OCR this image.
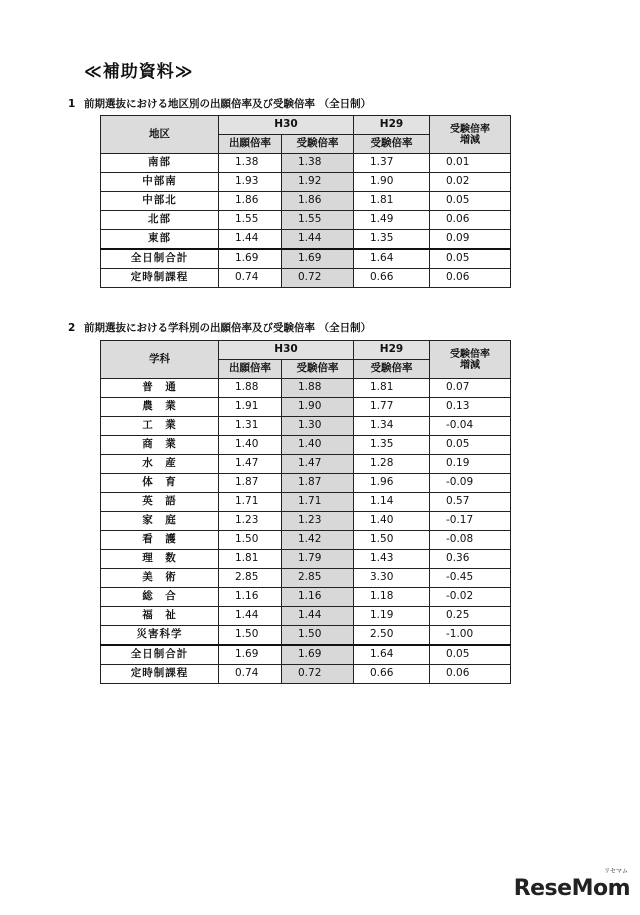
≪補助資料≫
1 前期選抜における地区別の出願倍率及び受験倍率 （全日制）
地区	H30		H29	受験倍率
増減
	出願倍率	受験倍率	受験倍率	
南部	1.38	1.38	1.37	0.01
中部南	1.93	1.92	1.90	0.02
中部北	1.86	1.86	1.81	0.05
北部	1.55	1.55	1.49	0.06
東部	1.44	1.44	1.35	0.09
全日制合計	1.69	1.69	1.64	0.05
定時制課程	0.74	0.72	0.66	0.06
2 前期選抜における学科別の出願倍率及び受験倍率 （全日制）
学科	H30		H29	受験倍率
増減
	出願倍率	受験倍率	受験倍率	
普　通	1.88	1.88	1.81	0.07
農　業	1.91	1.90	1.77	0.13
工　業	1.31	1.30	1.34	-0.04
商　業	1.40	1.40	1.35	0.05
水　産	1.47	1.47	1.28	0.19
体　育	1.87	1.87	1.96	-0.09
英　語	1.71	1.71	1.14	0.57
家　庭	1.23	1.23	1.40	-0.17
看　護	1.50	1.42	1.50	-0.08
理　数	1.81	1.79	1.43	0.36
美　術	2.85	2.85	3.30	-0.45
総　合	1.16	1.16	1.18	-0.02
福　祉	1.44	1.44	1.19	0.25
災害科学	1.50	1.50	2.50	-1.00
全日制合計	1.69	1.69	1.64	0.05
定時制課程	0.74	0.72	0.66	0.06
ReseMom
リセマム
